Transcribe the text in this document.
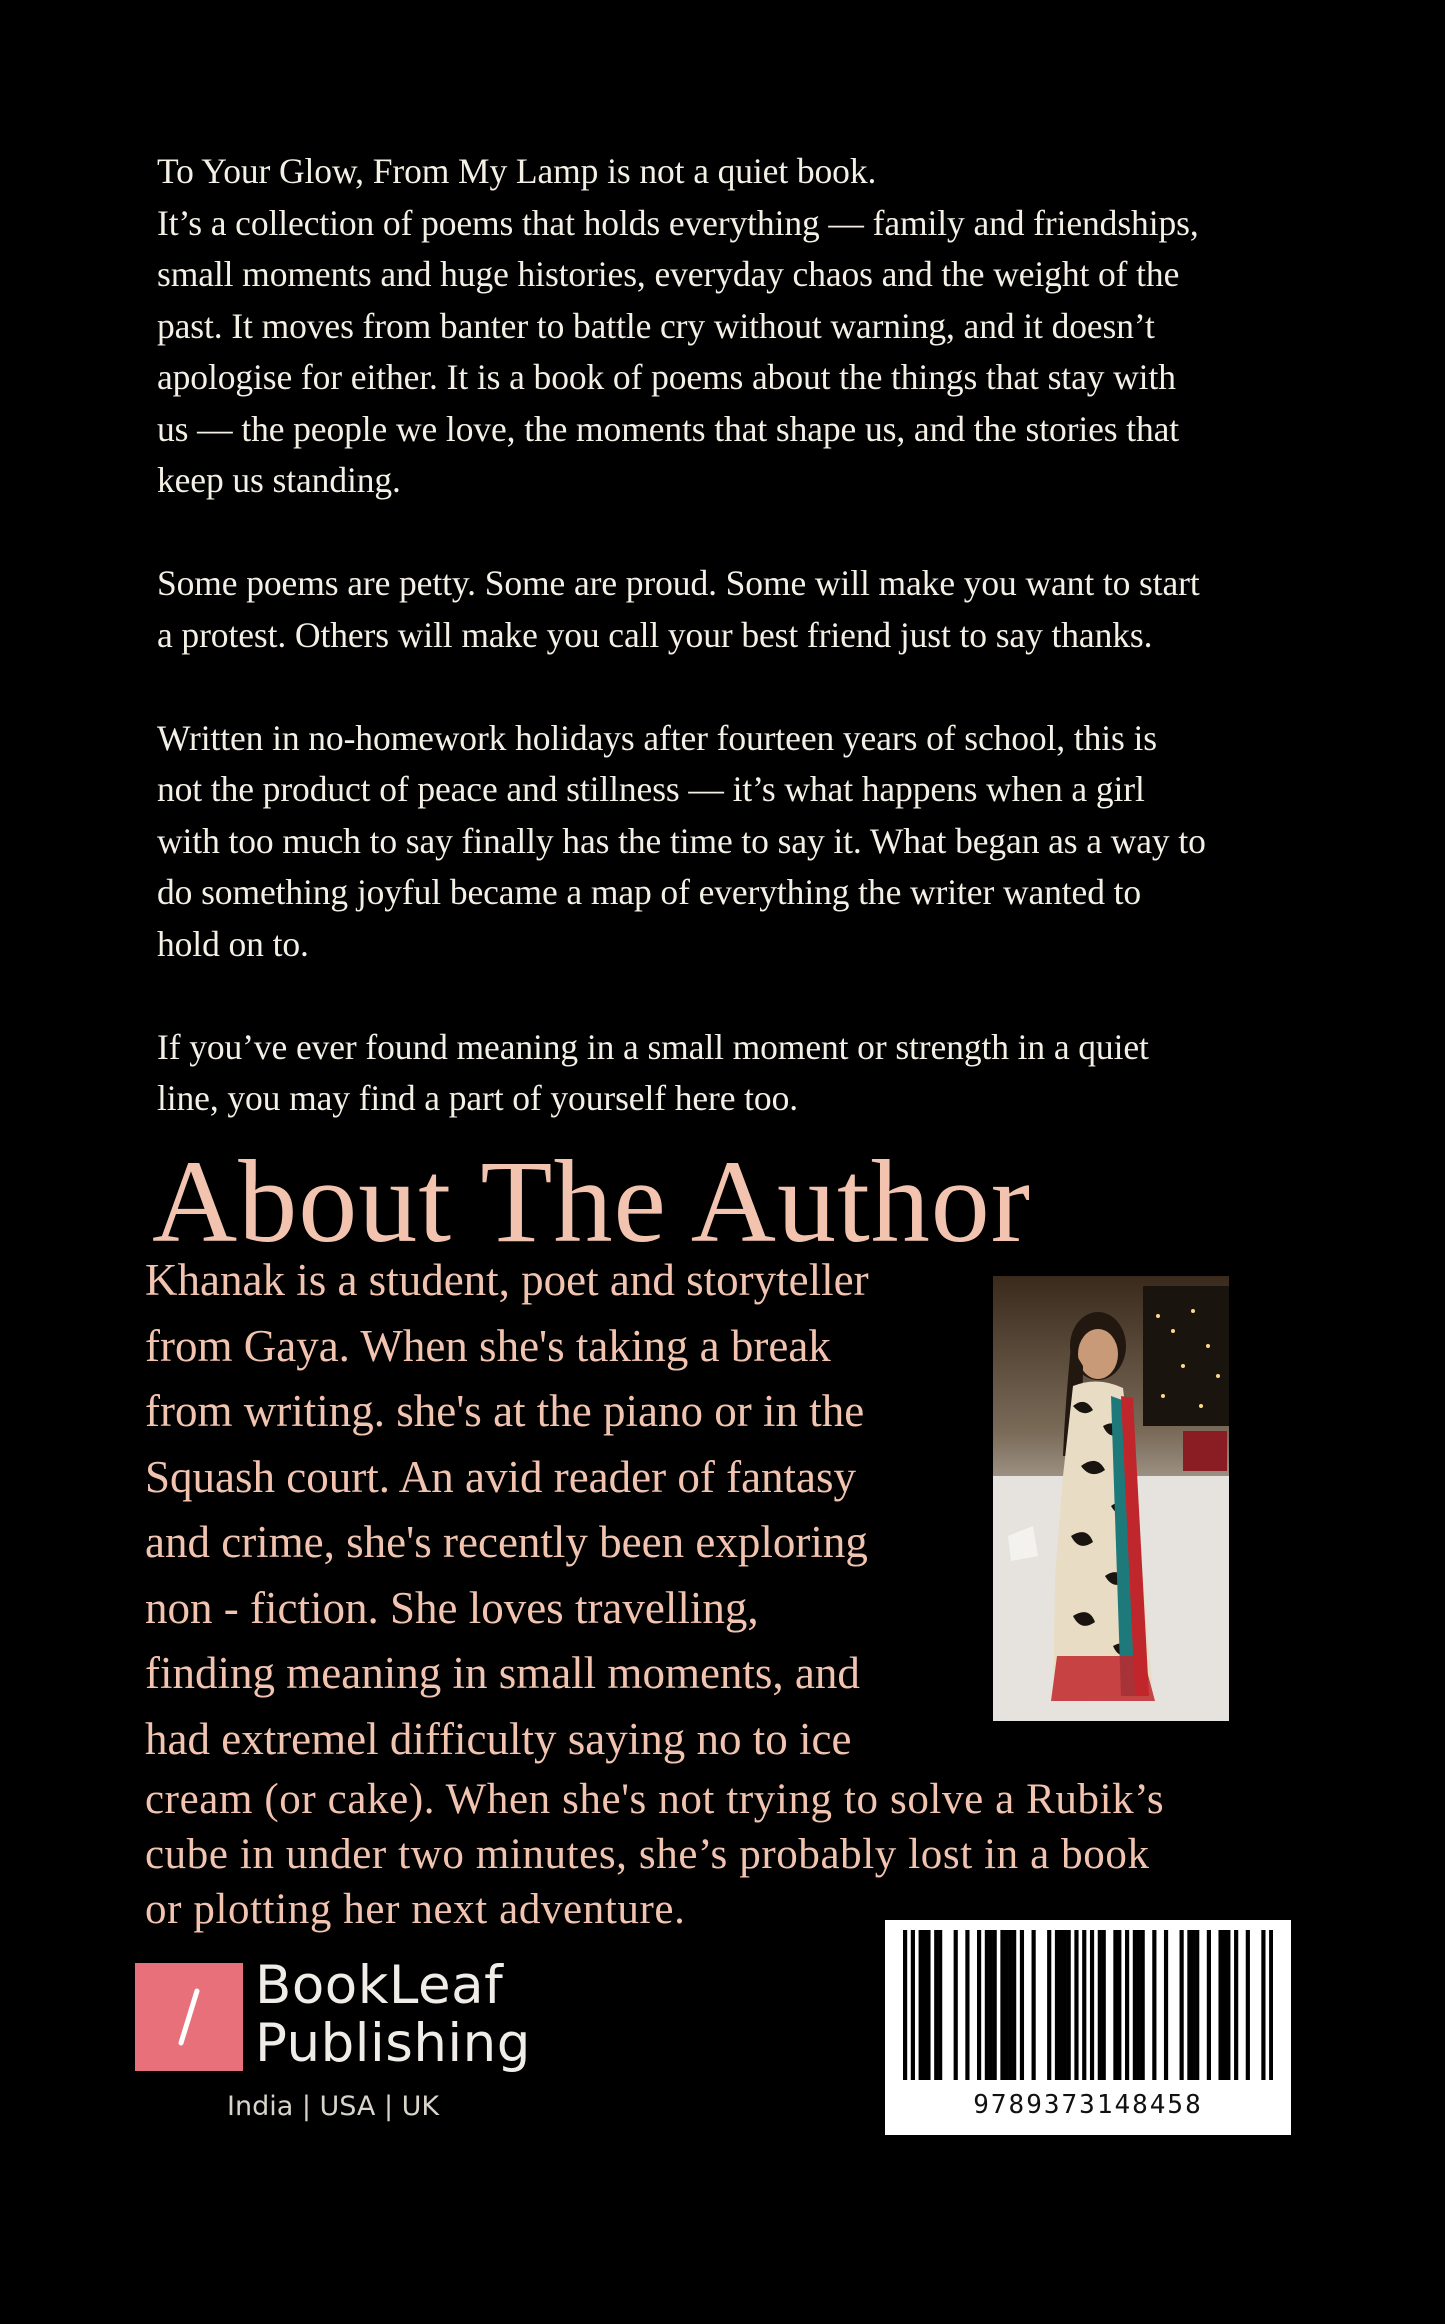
To Your Glow, From My Lamp is not a quiet book.
It’s a collection of poems that holds everything — family and friendships,
small moments and huge histories, everyday chaos and the weight of the
past. It moves from banter to battle cry without warning, and it doesn’t
apologise for either. It is a book of poems about the things that stay with
us — the people we love, the moments that shape us, and the stories that
keep us standing.

Some poems are petty. Some are proud. Some will make you want to start
a protest. Others will make you call your best friend just to say thanks.

Written in no-homework holidays after fourteen years of school, this is
not the product of peace and stillness — it’s what happens when a girl
with too much to say finally has the time to say it. What began as a way to
do something joyful became a map of everything the writer wanted to
hold on to.

If you’ve ever found meaning in a small moment or strength in a quiet
line, you may find a part of yourself here too.

About The Author

Khanak is a student, poet and storyteller
from Gaya. When she's taking a break
from writing. she's at the piano or in the
Squash court. An avid reader of fantasy
and crime, she's recently been exploring
non - fiction. She loves travelling,
finding meaning in small moments, and
had extremel difficulty saying no to ice

cream (or cake). When she's not trying to solve a Rubik’s
cube in under two minutes, she’s probably lost in a book
or plotting her next adventure.

BookLeaf
Publishing
India | USA | UK	9789373148458
